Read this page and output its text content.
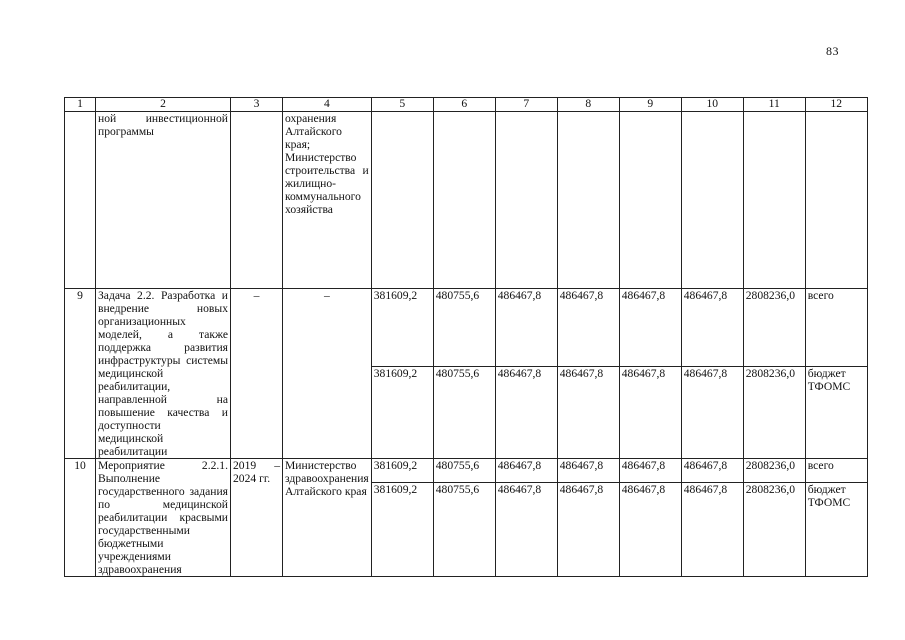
83
1	2	3	4	5	6	7	8	9	10	11	12
	ной инвестиционной программы		охранения Алтайского края; Министерство строительства и жилищно-коммунального хозяйства								
9	Задача 2.2. Разработка и внедрение новых организационных моделей, а также поддержка развития инфраструктуры системы медицинской реабилитации, направленной на повышение качества и доступности медицинской реабилитации	–	–	381609,2	480755,6	486467,8	486467,8	486467,8	486467,8	2808236,0	всего
				381609,2	480755,6	486467,8	486467,8	486467,8	486467,8	2808236,0	бюджет ТФОМС
10	Мероприятие 2.2.1. Выполнение государственного задания по медицинской реабилитации красвыми государственными бюджетными учреждениями здравоохранения	2019 – 2024 гг.	Министерство здравоохранения Алтайского края	381609,2	480755,6	486467,8	486467,8	486467,8	486467,8	2808236,0	всего
				381609,2	480755,6	486467,8	486467,8	486467,8	486467,8	2808236,0	бюджет ТФОМС
